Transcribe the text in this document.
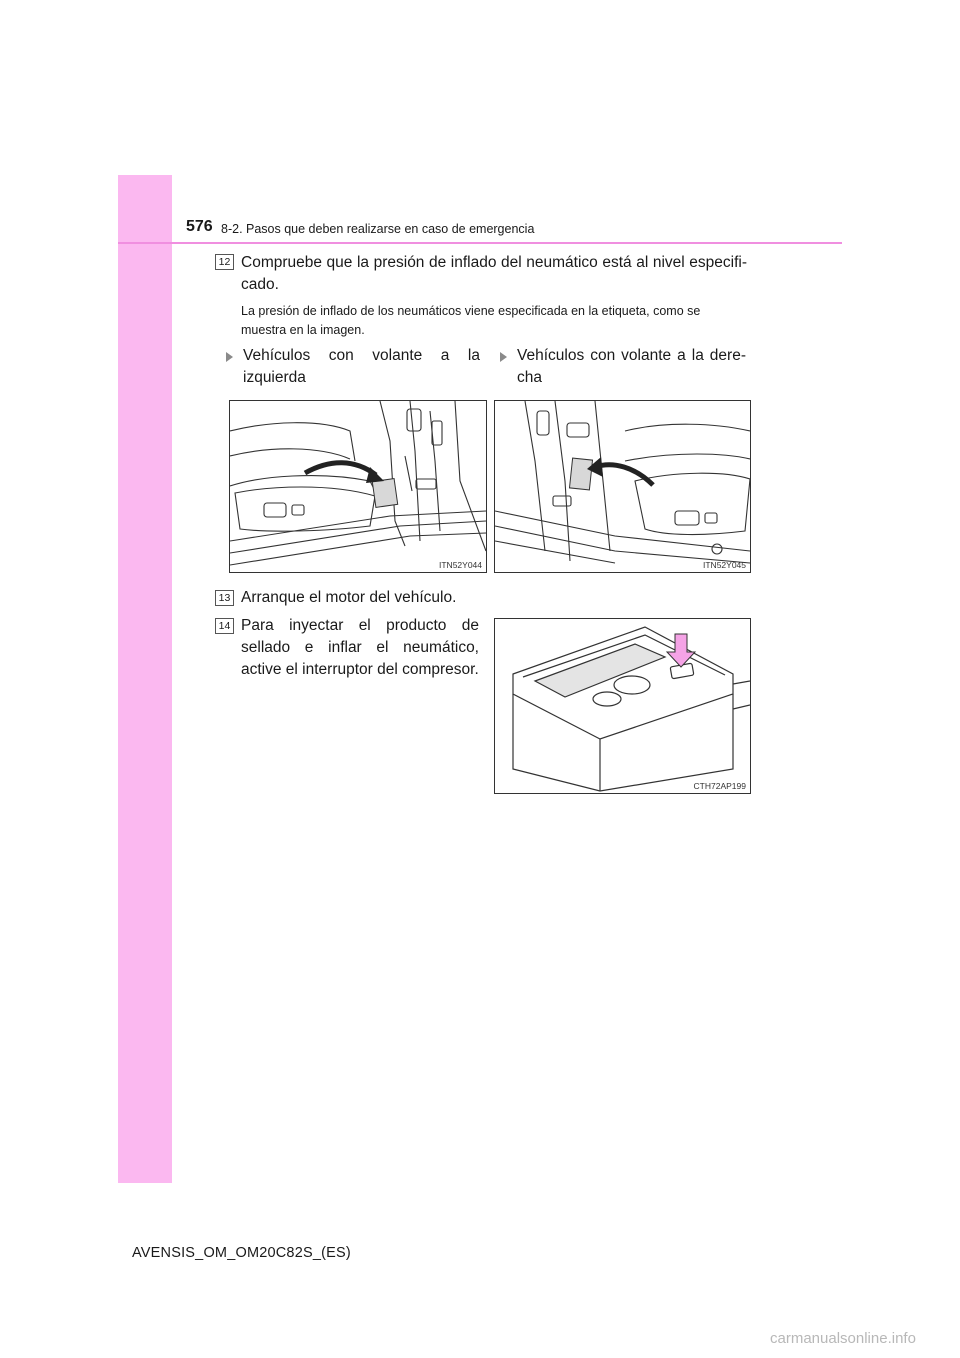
576 8-2. Pasos que deben realizarse en caso de emergencia
12 Compruebe que la presión de inflado del neumático está al nivel especifi-cado.
La presión de inflado de los neumáticos viene especificada en la etiqueta, como se muestra en la imagen.
Vehículos con volante a la izquierda
Vehículos con volante a la dere-cha
ITN52Y044	ITN52Y045
13 Arranque el motor del vehículo.
14 Para inyectar el producto de sellado e inflar el neumático, active el interruptor del compresor.
CTH72AP199
AVENSIS_OM_OM20C82S_(ES)
carmanualsonline.info
